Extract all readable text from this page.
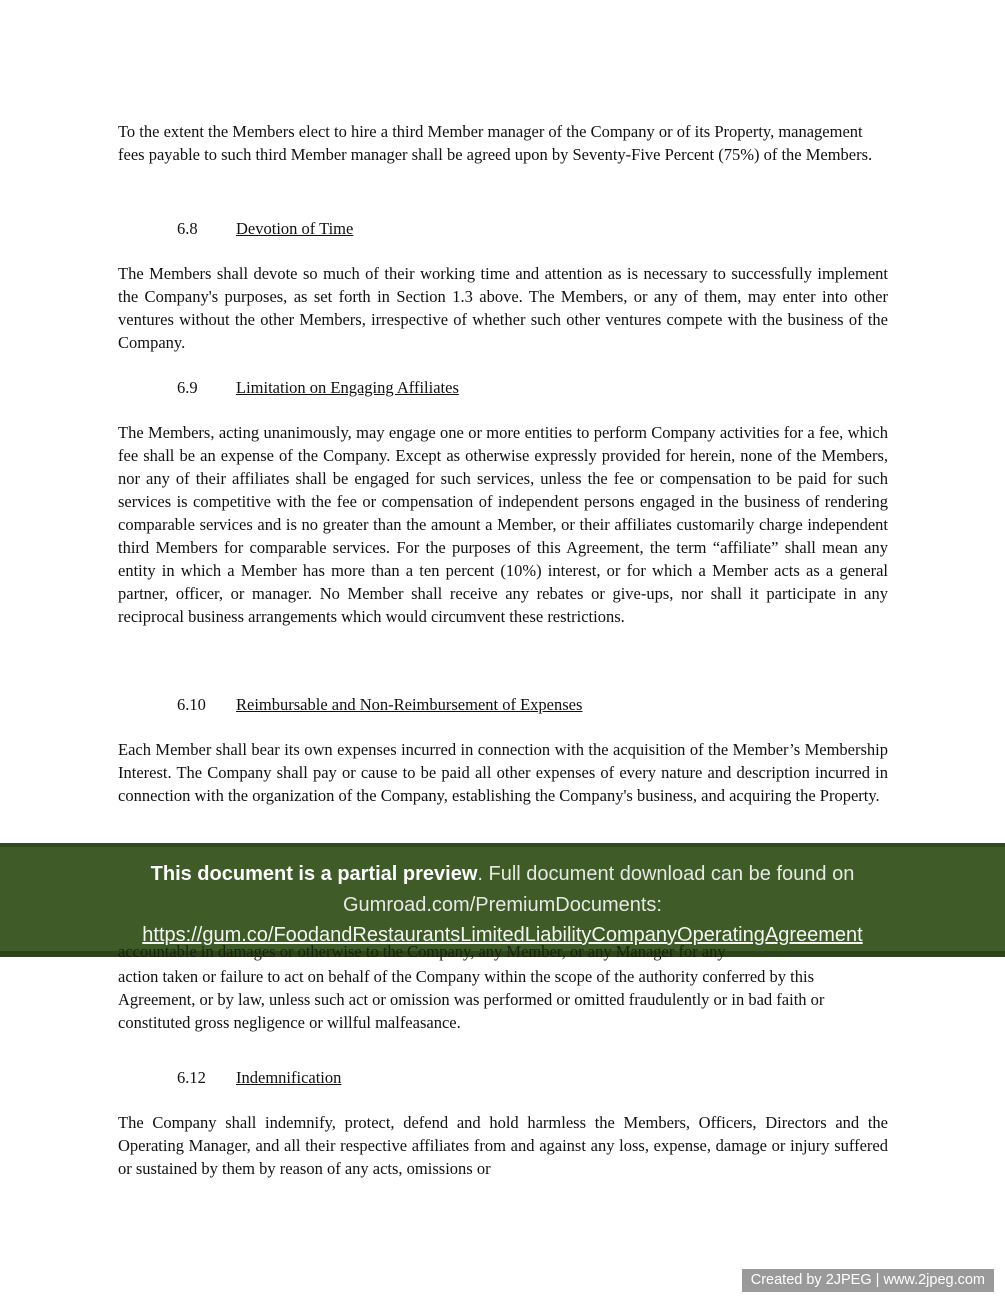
To the extent the Members elect to hire a third Member manager of the Company or of its Property, management fees payable to such third Member manager shall be agreed upon by Seventy-Five Percent (75%) of the Members.

6.8 Devotion of Time

The Members shall devote so much of their working time and attention as is necessary to successfully implement the Company's purposes, as set forth in Section 1.3 above. The Members, or any of them, may enter into other ventures without the other Members, irrespective of whether such other ventures compete with the business of the Company.

6.9 Limitation on Engaging Affiliates

The Members, acting unanimously, may engage one or more entities to perform Company activities for a fee, which fee shall be an expense of the Company. Except as otherwise expressly provided for herein, none of the Members, nor any of their affiliates shall be engaged for such services, unless the fee or compensation to be paid for such services is competitive with the fee or compensation of independent persons engaged in the business of rendering comparable services and is no greater than the amount a Member, or their affiliates customarily charge independent third Members for comparable services. For the purposes of this Agreement, the term “affiliate” shall mean any entity in which a Member has more than a ten percent (10%) interest, or for which a Member acts as a general partner, officer, or manager. No Member shall receive any rebates or give-ups, nor shall it participate in any reciprocal business arrangements which would circumvent these restrictions.

6.10 Reimbursable and Non-Reimbursement of Expenses

Each Member shall bear its own expenses incurred in connection with the acquisition of the Member’s Membership Interest. The Company shall pay or cause to be paid all other expenses of every nature and description incurred in connection with the organization of the Company, establishing the Company's business, and acquiring the Property.

This document is a partial preview. Full document download can be found on
Gumroad.com/PremiumDocuments:
https://gum.co/FoodandRestaurantsLimitedLiabilityCompanyOperatingAgreement
accountable in damages or otherwise to the Company, any Member, or any Manager for any

action taken or failure to act on behalf of the Company within the scope of the authority conferred by this Agreement, or by law, unless such act or omission was performed or omitted fraudulently or in bad faith or constituted gross negligence or willful malfeasance.

6.12 Indemnification

The Company shall indemnify, protect, defend and hold harmless the Members, Officers, Directors and the Operating Manager, and all their respective affiliates from and against any loss, expense, damage or injury suffered or sustained by them by reason of any acts, omissions or

Created by 2JPEG | www.2jpeg.com
